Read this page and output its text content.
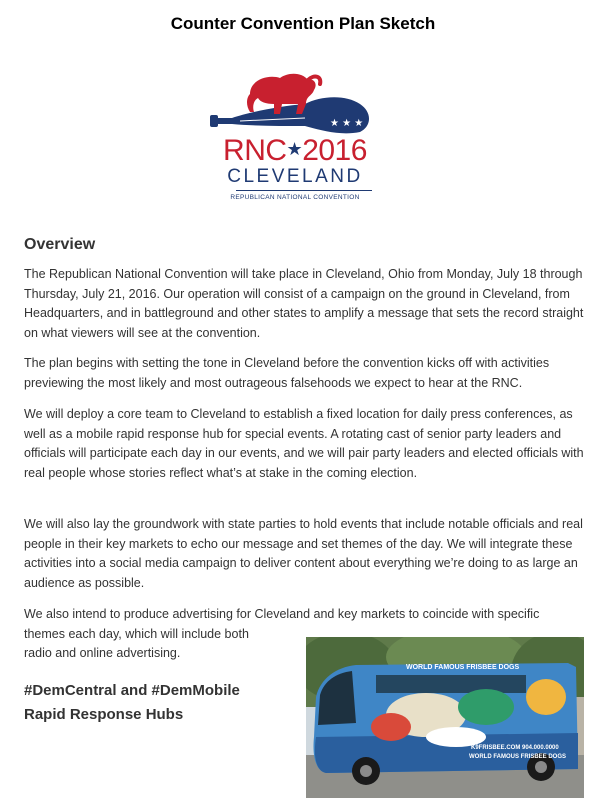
Counter Convention Plan Sketch
★ ★ ★
RNC★2016
CLEVELAND
REPUBLICAN NATIONAL CONVENTION
Overview
The Republican National Convention will take place in Cleveland, Ohio from Monday, July 18 through Thursday, July 21, 2016. Our operation will consist of a campaign on the ground in Cleveland, from Headquarters, and in battleground and other states to amplify a message that sets the record straight on what viewers will see at the convention.
The plan begins with setting the tone in Cleveland before the convention kicks off with activities previewing the most likely and most outrageous falsehoods we expect to hear at the RNC.
We will deploy a core team to Cleveland to establish a fixed location for daily press conferences, as well as a mobile rapid response hub for special events. A rotating cast of senior party leaders and officials will participate each day in our events, and we will pair party leaders and elected officials with real people whose stories reflect what’s at stake in the coming election.
We will also lay the groundwork with state parties to hold events that include notable officials and real people in their key markets to echo our message and set themes of the day. We will integrate these activities into a social media campaign to deliver content about everything we’re doing to as large an audience as possible.
We also intend to produce advertising for Cleveland and key markets to coincide with specific
themes each day, which will include both
radio and online advertising.
#DemCentral and #DemMobile
Rapid Response Hubs
WORLD FAMOUS FRISBEE DOGS
K9FRISBEE.COM 904.000.0000
WORLD FAMOUS FRISBEE DOGS
